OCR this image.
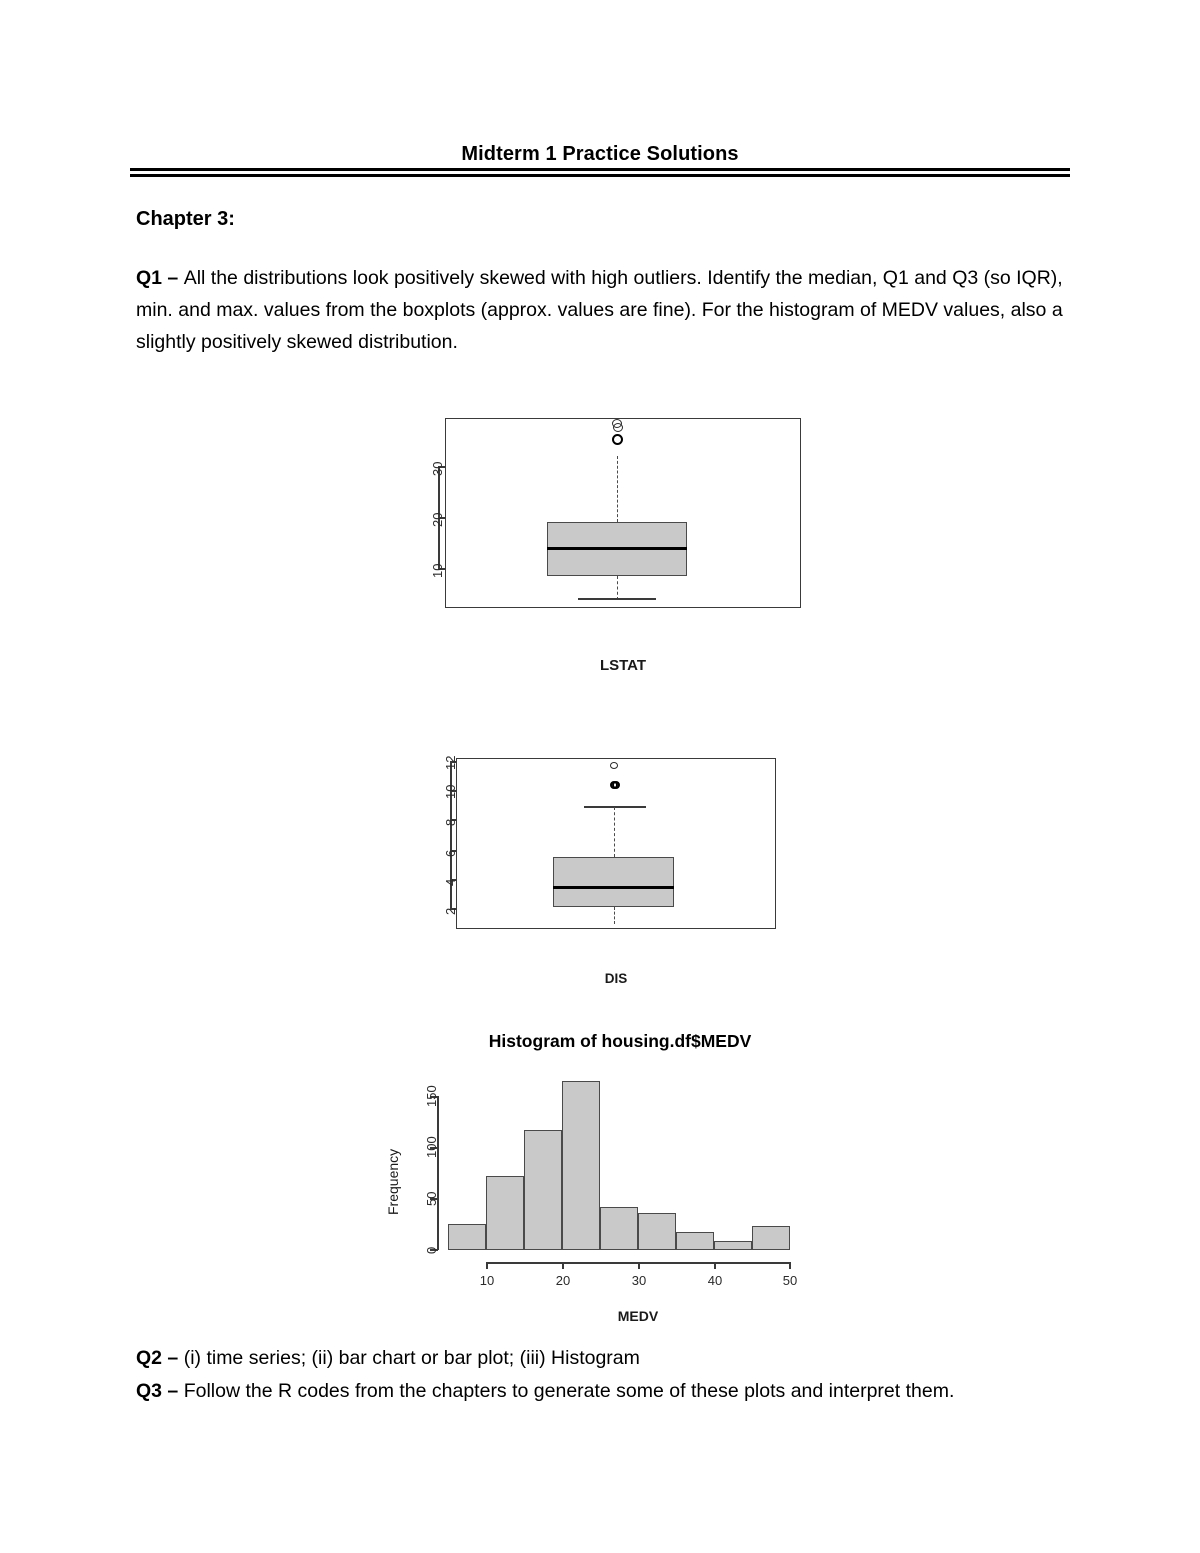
Midterm 1 Practice Solutions
Chapter 3:
Q1 – All the distributions look positively skewed with high outliers. Identify the median, Q1 and Q3 (so IQR), min. and max. values from the boxplots (approx. values are fine). For the histogram of MEDV values, also a slightly positively skewed distribution.
30
20
10
LSTAT
12
10
8
6
4
2
DIS
Histogram of housing.df$MEDV
150
100
50
0
Frequency
10	20	30	40	50
MEDV
Q2 – (i) time series; (ii) bar chart or bar plot; (iii) Histogram
Q3 – Follow the R codes from the chapters to generate some of these plots and interpret them.
